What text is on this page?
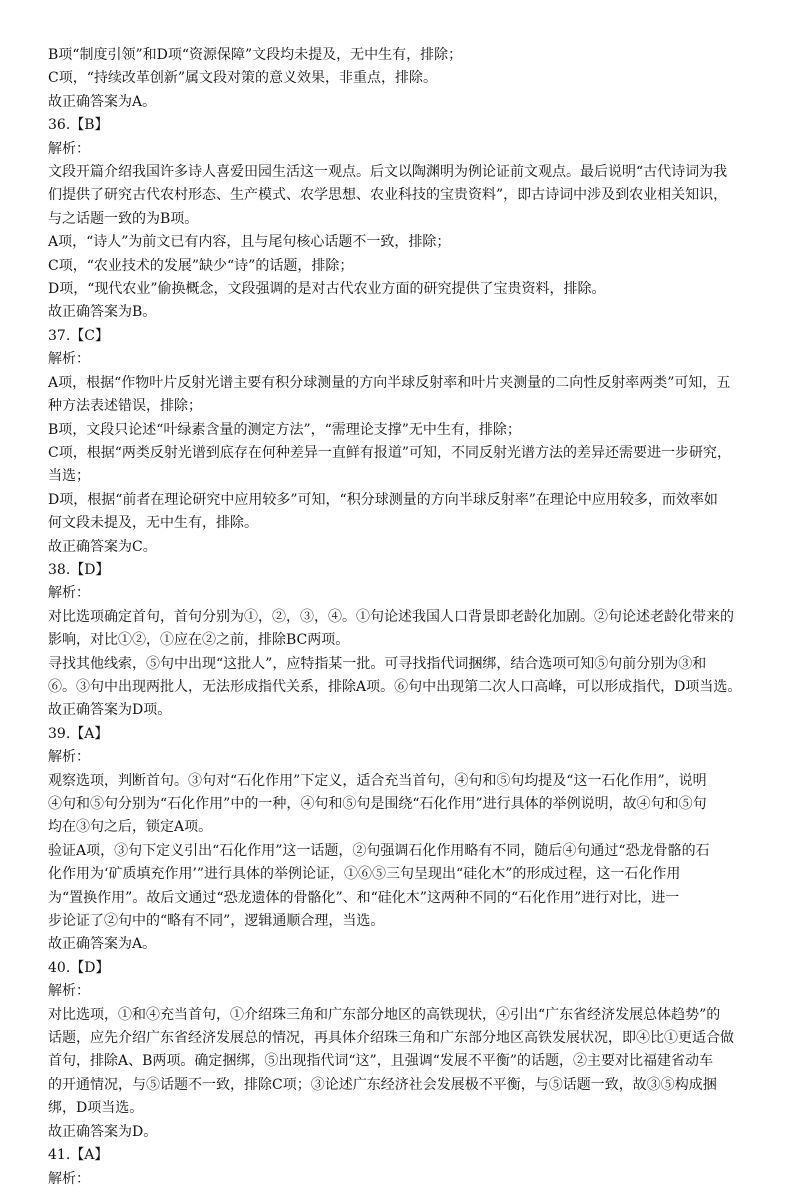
B项“制度引领”和D项“资源保障”文段均未提及，无中生有，排除；

C项，“持续改革创新”属文段对策的意义效果，非重点，排除。

故正确答案为A。

36.【B】

解析：

文段开篇介绍我国许多诗人喜爱田园生活这一观点。后文以陶渊明为例论证前文观点。最后说明“古代诗词为我

们提供了研究古代农村形态、生产模式、农学思想、农业科技的宝贵资料”，即古诗词中涉及到农业相关知识，

与之话题一致的为B项。

A项，“诗人”为前文已有内容，且与尾句核心话题不一致，排除；

C项，“农业技术的发展”缺少“诗”的话题，排除；

D项，“现代农业”偷换概念，文段强调的是对古代农业方面的研究提供了宝贵资料，排除。

故正确答案为B。

37.【C】

解析：

A项，根据“作物叶片反射光谱主要有积分球测量的方向半球反射率和叶片夹测量的二向性反射率两类”可知，五

种方法表述错误，排除；

B项，文段只论述“叶绿素含量的测定方法”，“需理论支撑”无中生有，排除；

C项，根据“两类反射光谱到底存在何种差异一直鲜有报道”可知，不同反射光谱方法的差异还需要进一步研究，

当选；

D项，根据“前者在理论研究中应用较多”可知，“积分球测量的方向半球反射率”在理论中应用较多，而效率如

何文段未提及，无中生有，排除。

故正确答案为C。

38.【D】

解析：

对比选项确定首句，首句分别为①，②，③，④。①句论述我国人口背景即老龄化加剧。②句论述老龄化带来的

影响，对比①②，①应在②之前，排除BC两项。

寻找其他线索，⑤句中出现“这批人”，应特指某一批。可寻找指代词捆绑，结合选项可知⑤句前分别为③和

⑥。③句中出现两批人，无法形成指代关系，排除A项。⑥句中出现第二次人口高峰，可以形成指代，D项当选。

故正确答案为D项。

39.【A】

解析：

观察选项，判断首句。③句对“石化作用”下定义，适合充当首句，④句和⑤句均提及“这一石化作用”，说明

④句和⑤句分别为“石化作用”中的一种，④句和⑤句是围绕“石化作用”进行具体的举例说明，故④句和⑤句

均在③句之后，锁定A项。

验证A项，③句下定义引出“石化作用”这一话题，②句强调石化作用略有不同，随后④句通过“恐龙骨骼的石

化作用为‘矿质填充作用’”进行具体的举例论证，①⑥⑤三句呈现出“硅化木”的形成过程，这一石化作用

为“置换作用”。故后文通过“恐龙遗体的骨骼化”、和“硅化木”这两种不同的“石化作用”进行对比，进一

步论证了②句中的“略有不同”，逻辑通顺合理，当选。

故正确答案为A。

40.【D】

解析：

对比选项，①和④充当首句，①介绍珠三角和广东部分地区的高铁现状，④引出“广东省经济发展总体趋势”的

话题，应先介绍广东省经济发展总的情况，再具体介绍珠三角和广东部分地区高铁发展状况，即④比①更适合做

首句，排除A、B两项。确定捆绑，⑤出现指代词“这”，且强调“发展不平衡”的话题，②主要对比福建省动车

的开通情况，与⑤话题不一致，排除C项；③论述广东经济社会发展极不平衡，与⑤话题一致，故③⑤构成捆

绑，D项当选。

故正确答案为D。

41.【A】

解析：
